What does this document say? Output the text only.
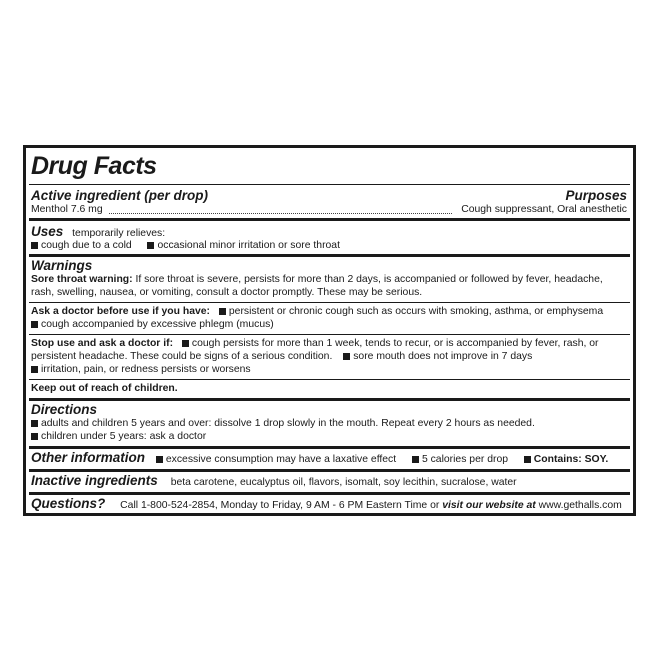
Drug Facts
Active ingredient (per drop)	Purposes
Menthol 7.6 mg	Cough suppressant, Oral anesthetic
Uses temporarily relieves:
cough due to a cold occasional minor irritation or sore throat
Warnings
Sore throat warning: If sore throat is severe, persists for more than 2 days, is accompanied or followed by fever, headache,
rash, swelling, nausea, or vomiting, consult a doctor promptly. These may be serious.
Ask a doctor before use if you have: persistent or chronic cough such as occurs with smoking, asthma, or emphysema
cough accompanied by excessive phlegm (mucus)
Stop use and ask a doctor if: cough persists for more than 1 week, tends to recur, or is accompanied by fever, rash, or
persistent headache. These could be signs of a serious condition. sore mouth does not improve in 7 days
irritation, pain, or redness persists or worsens
Keep out of reach of children.
Directions
adults and children 5 years and over: dissolve 1 drop slowly in the mouth. Repeat every 2 hours as needed.
children under 5 years: ask a doctor
Other information excessive consumption may have a laxative effect 5 calories per drop Contains: SOY.
Inactive ingredients beta carotene, eucalyptus oil, flavors, isomalt, soy lecithin, sucralose, water
Questions? Call 1-800-524-2854, Monday to Friday, 9 AM - 6 PM Eastern Time or visit our website at www.gethalls.com
